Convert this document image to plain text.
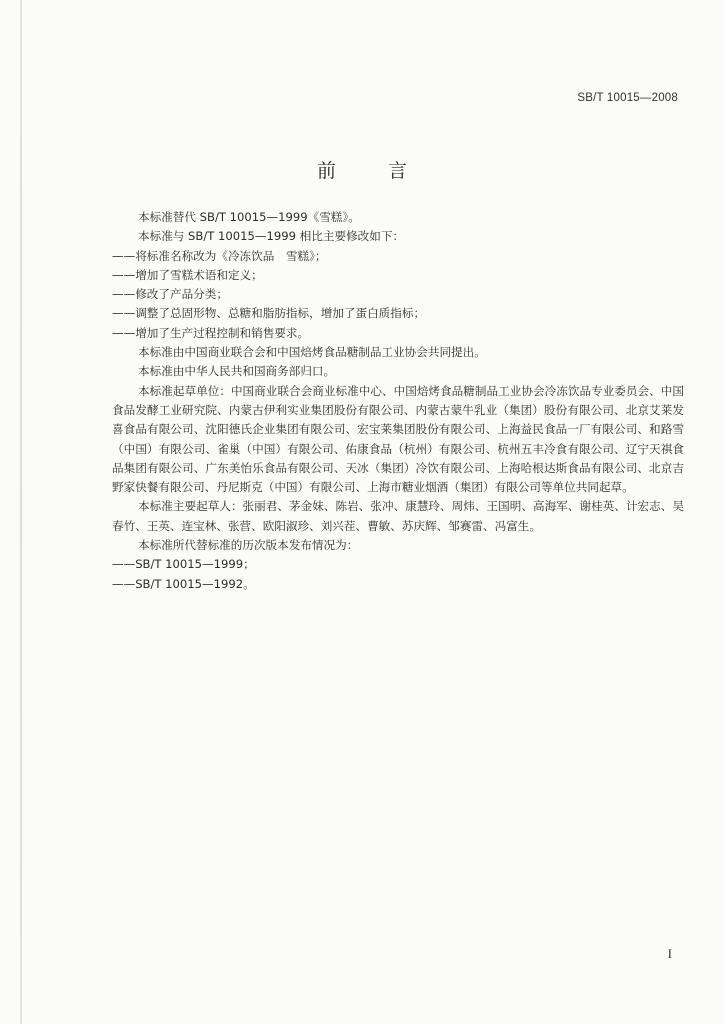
SB/T 10015—2008
前	言

本标准替代 SB/T 10015—1999《雪糕》。

本标准与 SB/T 10015—1999 相比主要修改如下：

——将标准名称改为《冷冻饮品　雪糕》；

——增加了雪糕术语和定义；

——修改了产品分类；

——调整了总固形物、总糖和脂肪指标，增加了蛋白质指标；

——增加了生产过程控制和销售要求。

本标准由中国商业联合会和中国焙烤食品糖制品工业协会共同提出。

本标准由中华人民共和国商务部归口。

本标准起草单位：中国商业联合会商业标准中心、中国焙烤食品糖制品工业协会冷冻饮品专业委员会、中国食品发酵工业研究院、内蒙古伊利实业集团股份有限公司、内蒙古蒙牛乳业（集团）股份有限公司、北京艾莱发喜食品有限公司、沈阳德氏企业集团有限公司、宏宝莱集团股份有限公司、上海益民食品一厂有限公司、和路雪（中国）有限公司、雀巢（中国）有限公司、佑康食品（杭州）有限公司、杭州五丰冷食有限公司、辽宁天祺食品集团有限公司、广东美怡乐食品有限公司、天冰（集团）冷饮有限公司、上海哈根达斯食品有限公司、北京吉野家快餐有限公司、丹尼斯克（中国）有限公司、上海市糖业烟酒（集团）有限公司等单位共同起草。

本标准主要起草人：张丽君、茅金妹、陈岩、张冲、康慧玲、周炜、王国明、高海军、谢桂英、计宏志、吴春竹、王英、连宝林、张营、欧阳淑珍、刘兴茬、曹敏、苏庆辉、邹赛雷、冯富生。

本标准所代替标准的历次版本发布情况为：

——SB/T 10015—1999；

——SB/T 10015—1992。

I
